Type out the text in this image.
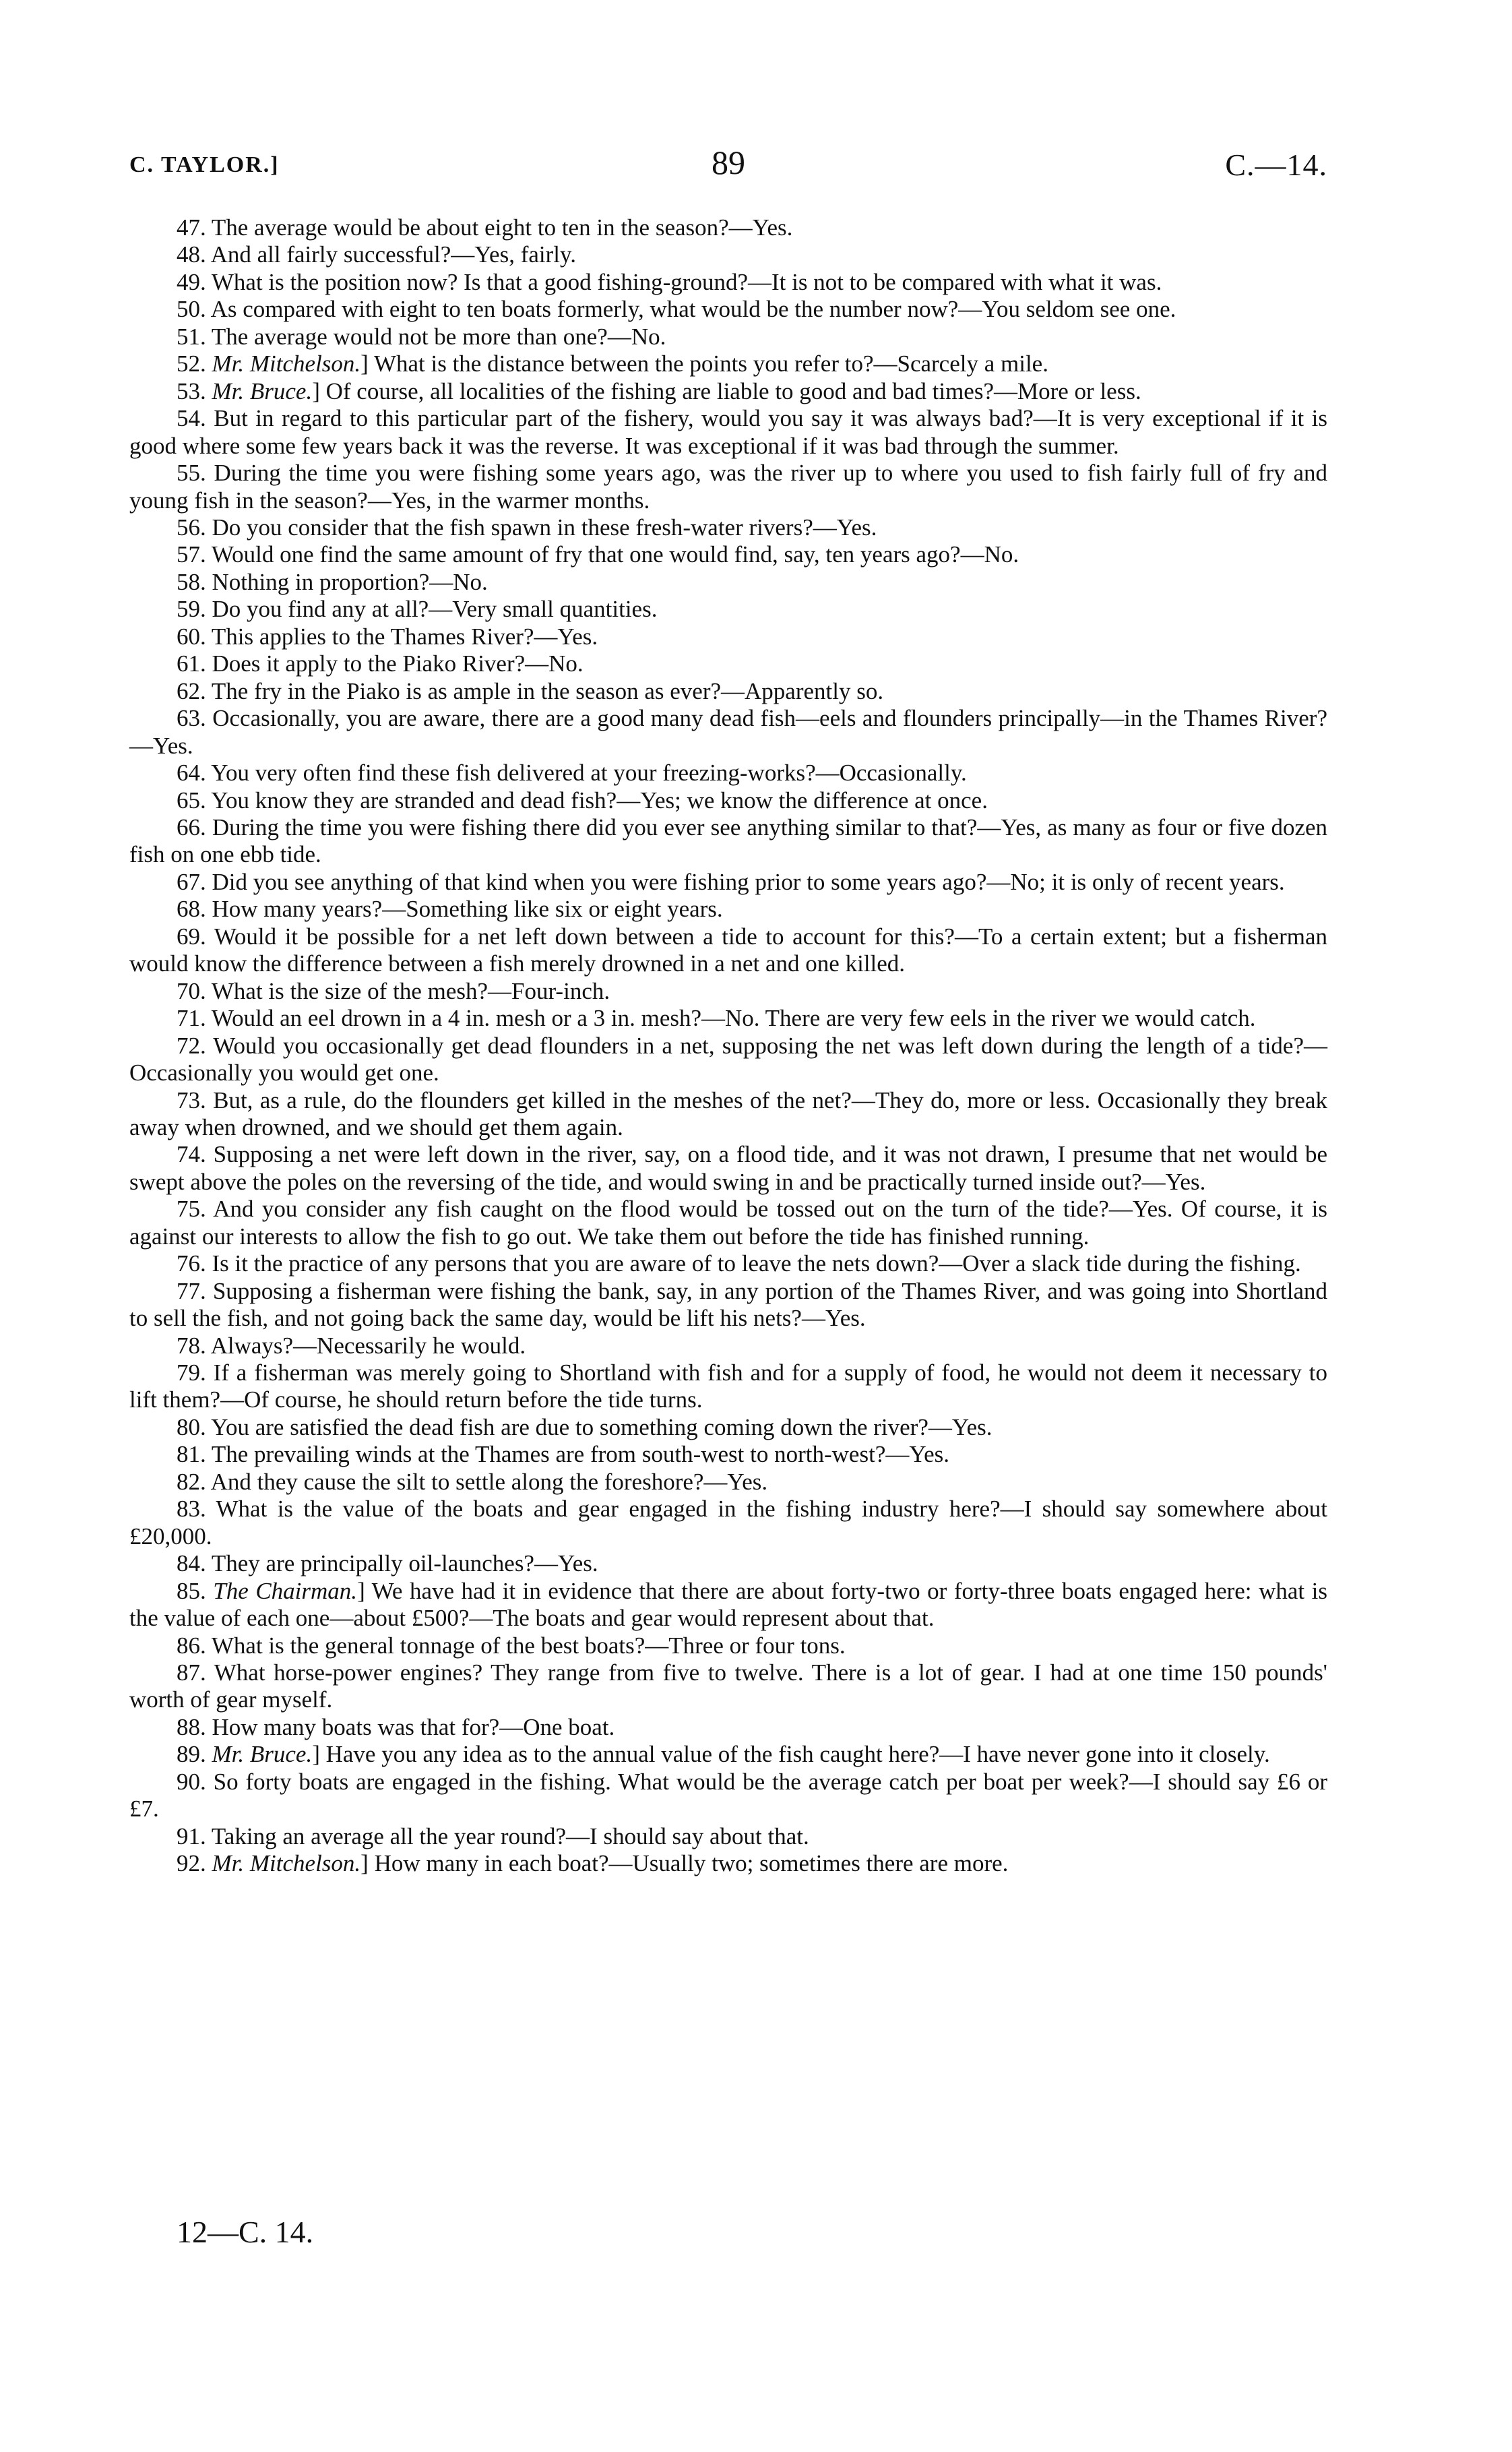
C. TAYLOR.]	89	C.—14.

47. The average would be about eight to ten in the season?—Yes.

48. And all fairly successful?—Yes, fairly.

49. What is the position now? Is that a good fishing-ground?—It is not to be compared with what it was.

50. As compared with eight to ten boats formerly, what would be the number now?—You seldom see one.

51. The average would not be more than one?—No.

52. Mr. Mitchelson.] What is the distance between the points you refer to?—Scarcely a mile.

53. Mr. Bruce.] Of course, all localities of the fishing are liable to good and bad times?—More or less.

54. But in regard to this particular part of the fishery, would you say it was always bad?—It is very exceptional if it is good where some few years back it was the reverse. It was exceptional if it was bad through the summer.

55. During the time you were fishing some years ago, was the river up to where you used to fish fairly full of fry and young fish in the season?—Yes, in the warmer months.

56. Do you consider that the fish spawn in these fresh-water rivers?—Yes.

57. Would one find the same amount of fry that one would find, say, ten years ago?—No.

58. Nothing in proportion?—No.

59. Do you find any at all?—Very small quantities.

60. This applies to the Thames River?—Yes.

61. Does it apply to the Piako River?—No.

62. The fry in the Piako is as ample in the season as ever?—Apparently so.

63. Occasionally, you are aware, there are a good many dead fish—eels and flounders principally—in the Thames River?—Yes.

64. You very often find these fish delivered at your freezing-works?—Occasionally.

65. You know they are stranded and dead fish?—Yes; we know the difference at once.

66. During the time you were fishing there did you ever see anything similar to that?—Yes, as many as four or five dozen fish on one ebb tide.

67. Did you see anything of that kind when you were fishing prior to some years ago?—No; it is only of recent years.

68. How many years?—Something like six or eight years.

69. Would it be possible for a net left down between a tide to account for this?—To a certain extent; but a fisherman would know the difference between a fish merely drowned in a net and one killed.

70. What is the size of the mesh?—Four-inch.

71. Would an eel drown in a 4 in. mesh or a 3 in. mesh?—No. There are very few eels in the river we would catch.

72. Would you occasionally get dead flounders in a net, supposing the net was left down during the length of a tide?—Occasionally you would get one.

73. But, as a rule, do the flounders get killed in the meshes of the net?—They do, more or less. Occasionally they break away when drowned, and we should get them again.

74. Supposing a net were left down in the river, say, on a flood tide, and it was not drawn, I presume that net would be swept above the poles on the reversing of the tide, and would swing in and be practically turned inside out?—Yes.

75. And you consider any fish caught on the flood would be tossed out on the turn of the tide?—Yes. Of course, it is against our interests to allow the fish to go out. We take them out before the tide has finished running.

76. Is it the practice of any persons that you are aware of to leave the nets down?—Over a slack tide during the fishing.

77. Supposing a fisherman were fishing the bank, say, in any portion of the Thames River, and was going into Shortland to sell the fish, and not going back the same day, would be lift his nets?—Yes.

78. Always?—Necessarily he would.

79. If a fisherman was merely going to Shortland with fish and for a supply of food, he would not deem it necessary to lift them?—Of course, he should return before the tide turns.

80. You are satisfied the dead fish are due to something coming down the river?—Yes.

81. The prevailing winds at the Thames are from south-west to north-west?—Yes.

82. And they cause the silt to settle along the foreshore?—Yes.

83. What is the value of the boats and gear engaged in the fishing industry here?—I should say somewhere about £20,000.

84. They are principally oil-launches?—Yes.

85. The Chairman.] We have had it in evidence that there are about forty-two or forty-three boats engaged here: what is the value of each one—about £500?—The boats and gear would represent about that.

86. What is the general tonnage of the best boats?—Three or four tons.

87. What horse-power engines? They range from five to twelve. There is a lot of gear. I had at one time 150 pounds' worth of gear myself.

88. How many boats was that for?—One boat.

89. Mr. Bruce.] Have you any idea as to the annual value of the fish caught here?—I have never gone into it closely.

90. So forty boats are engaged in the fishing. What would be the average catch per boat per week?—I should say £6 or £7.

91. Taking an average all the year round?—I should say about that.

92. Mr. Mitchelson.] How many in each boat?—Usually two; sometimes there are more.

12—C. 14.
